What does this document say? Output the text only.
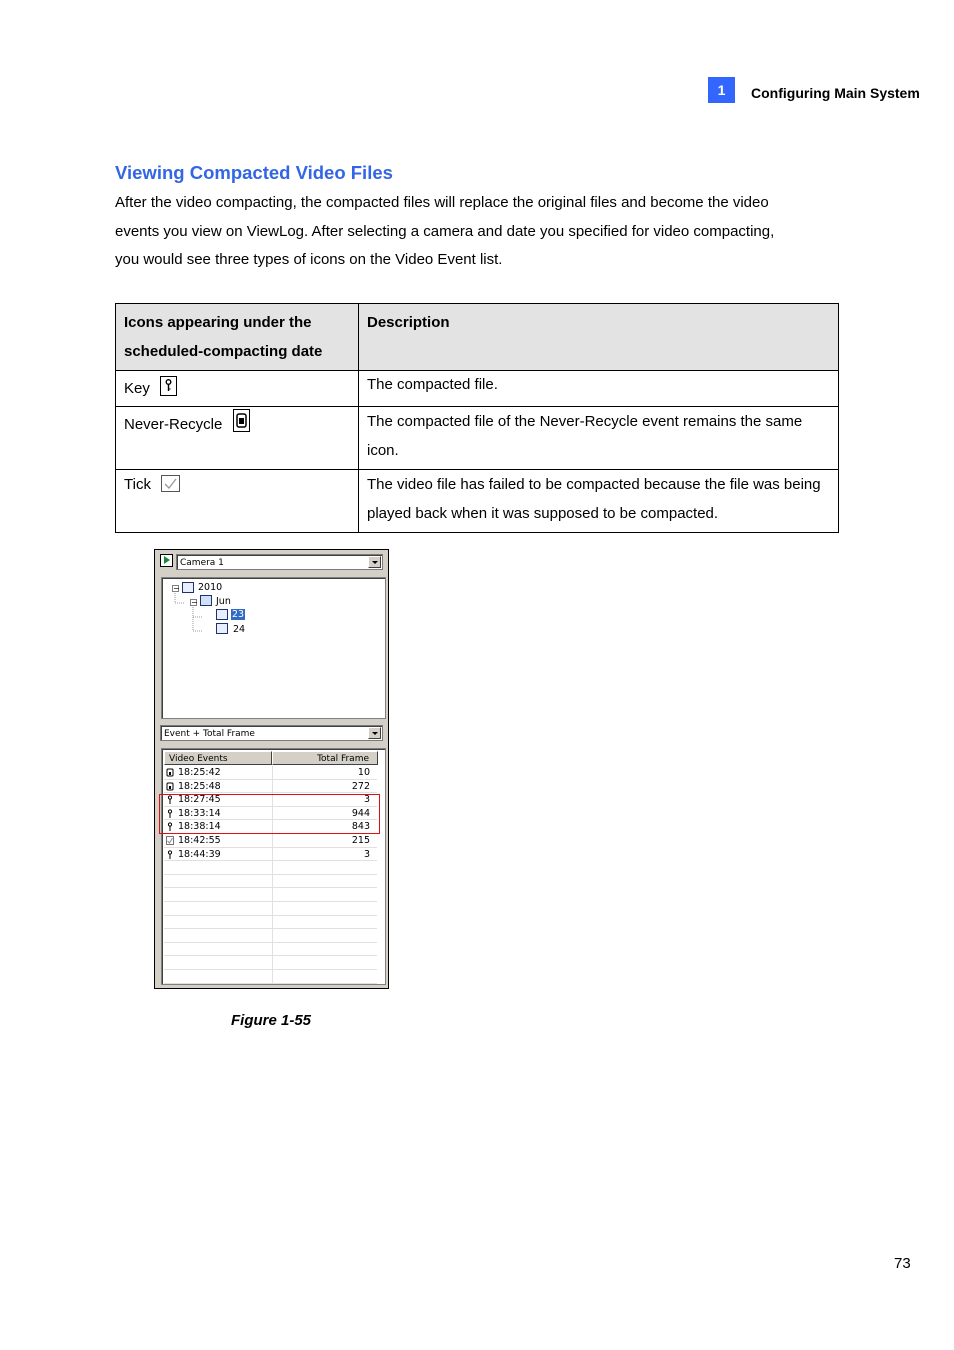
1	Configuring Main System
Viewing Compacted Video Files
After the video compacting, the compacted files will replace the original files and become the video
events you view on ViewLog. After selecting a camera and date you specified for video compacting,
you would see three types of icons on the Video Event list.
Icons appearing under the scheduled-compacting date	Description
Key	The compacted file.
Never-Recycle	The compacted file of the Never-Recycle event remains the same icon.
Tick	The video file has failed to be compacted because the file was being played back when it was supposed to be compacted.
Camera 1
− 2010
− Jun
23
24
Event + Total Frame
Video Events	Total Frame
18:25:42	10
18:25:48	272
18:27:45	3
18:33:14	944
18:38:14	843
18:42:55	215
18:44:39	3
Figure 1-55
73
